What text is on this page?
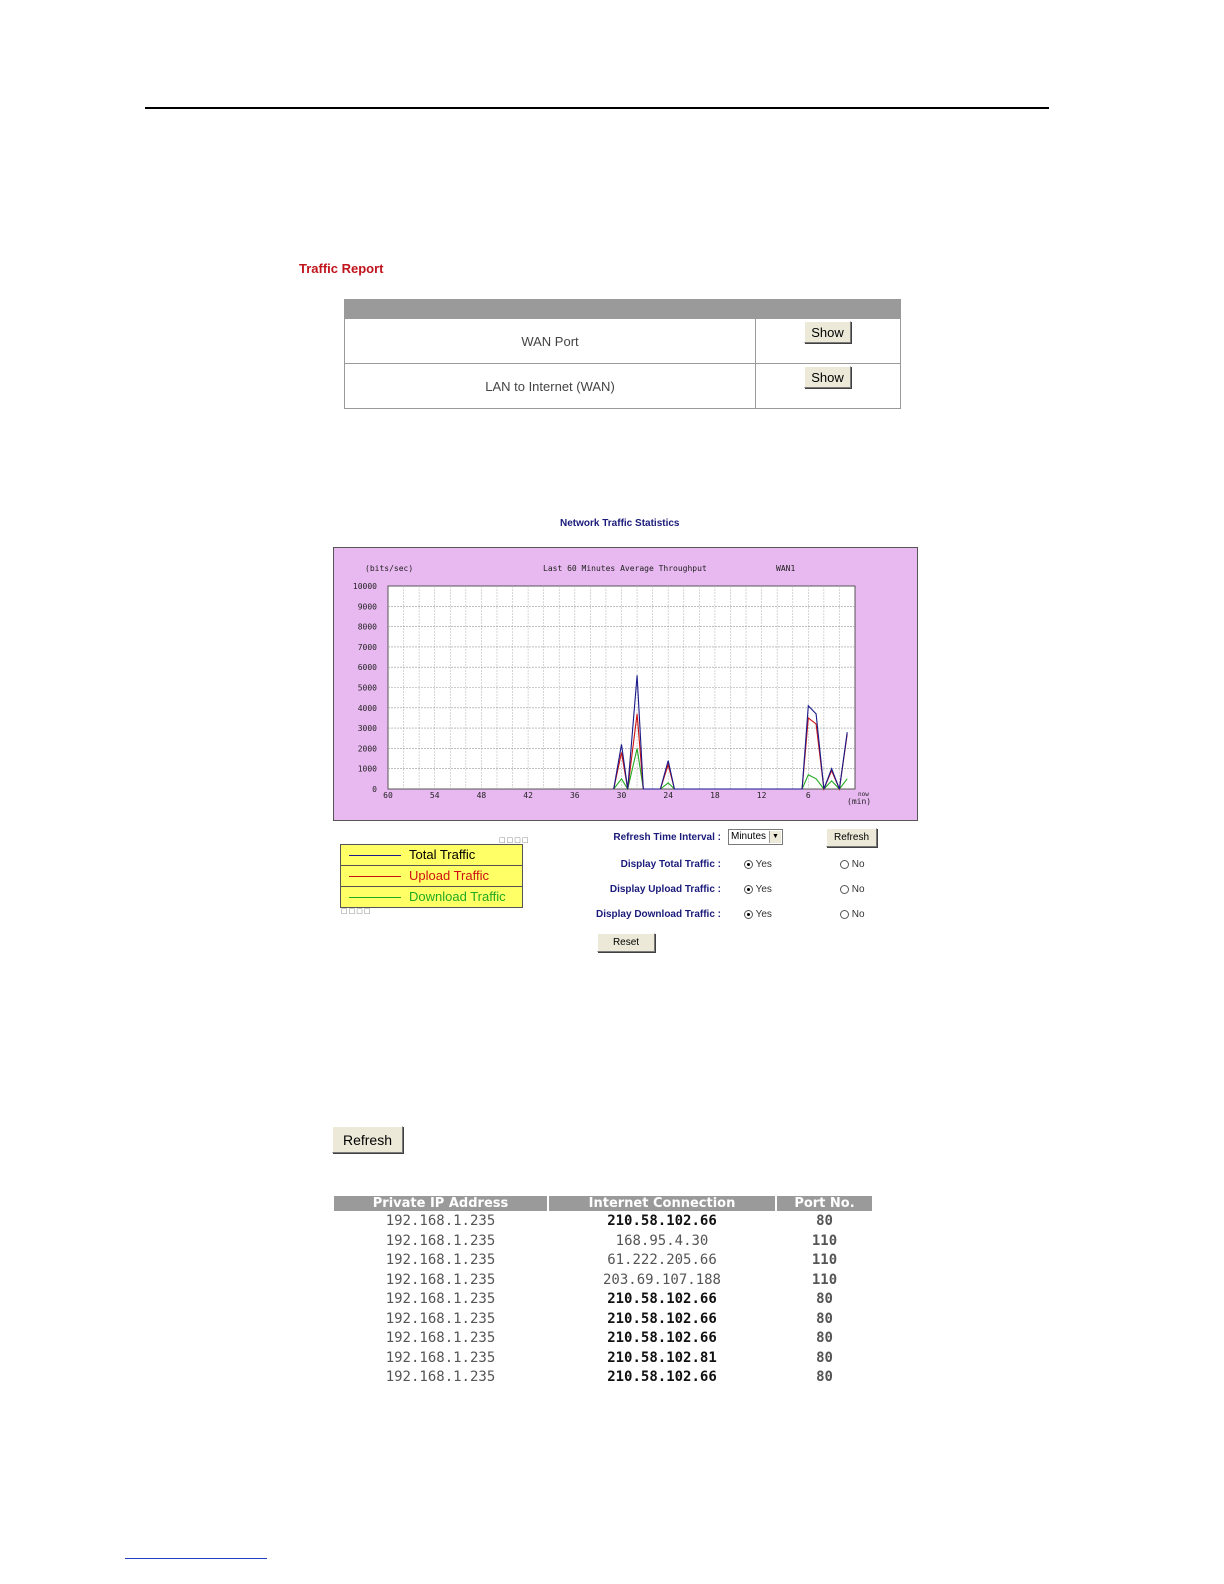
Traffic Report
WAN Port
Show
LAN to Internet (WAN)
Show
Network Traffic Statistics
(bits/sec)	Last 60 Minutes Average Throughput	WAN1
0
1000
2000
3000
4000
5000
6000
7000
8000
9000
10000
60	54	48	42	36	30	24	18	12	6	now
(min)
□□□□
Total Traffic
Upload Traffic
Download Traffic
□□□□
Refresh Time Interval :	Minutes ▼	Refresh
Display Total Traffic :	Yes	No
Display Upload Traffic :	Yes	No
Display Download Traffic :	Yes	No
Reset
Refresh
Private IP Address	Internet Connection	Port No.
192.168.1.235	210.58.102.66	80
192.168.1.235	168.95.4.30	110
192.168.1.235	61.222.205.66	110
192.168.1.235	203.69.107.188	110
192.168.1.235	210.58.102.66	80
192.168.1.235	210.58.102.66	80
192.168.1.235	210.58.102.66	80
192.168.1.235	210.58.102.81	80
192.168.1.235	210.58.102.66	80
